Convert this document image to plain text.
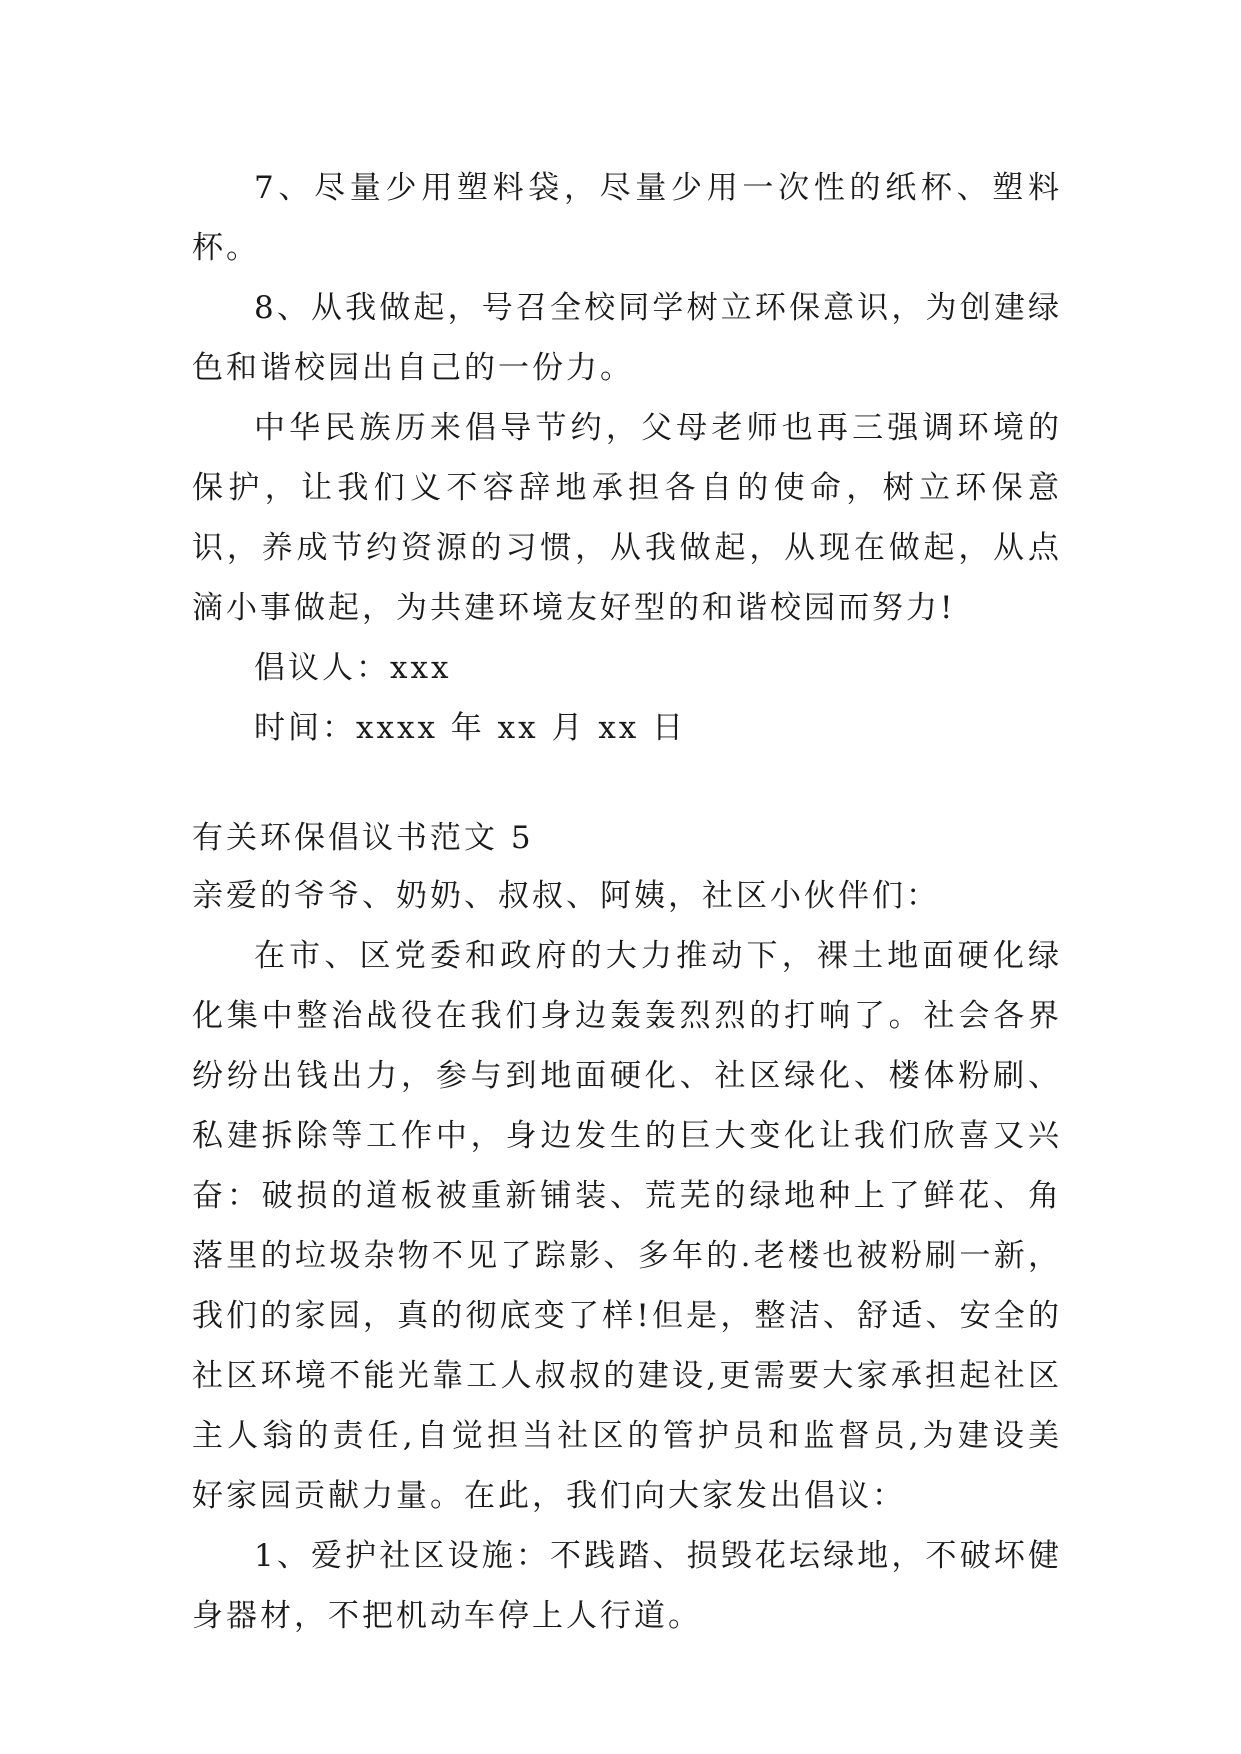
7、尽量少用塑料袋，尽量少用一次性的纸杯、塑料杯。

8、从我做起，号召全校同学树立环保意识，为创建绿色和谐校园出自己的一份力。

中华民族历来倡导节约，父母老师也再三强调环境的保护，让我们义不容辞地承担各自的使命，树立环保意识，养成节约资源的习惯，从我做起，从现在做起，从点滴小事做起，为共建环境友好型的和谐校园而努力!

倡议人：xxx

时间：xxxx 年 xx 月 xx 日

有关环保倡议书范文 5

亲爱的爷爷、奶奶、叔叔、阿姨，社区小伙伴们：

在市、区党委和政府的大力推动下，裸土地面硬化绿化集中整治战役在我们身边轰轰烈烈的打响了。社会各界纷纷出钱出力，参与到地面硬化、社区绿化、楼体粉刷、私建拆除等工作中，身边发生的巨大变化让我们欣喜又兴奋：破损的道板被重新铺装、荒芜的绿地种上了鲜花、角落里的垃圾杂物不见了踪影、多年的.老楼也被粉刷一新，我们的家园，真的彻底变了样!但是，整洁、舒适、安全的社区环境不能光靠工人叔叔的建设,更需要大家承担起社区主人翁的责任,自觉担当社区的管护员和监督员,为建设美好家园贡献力量。在此，我们向大家发出倡议：

1、爱护社区设施：不践踏、损毁花坛绿地，不破坏健身器材，不把机动车停上人行道。
